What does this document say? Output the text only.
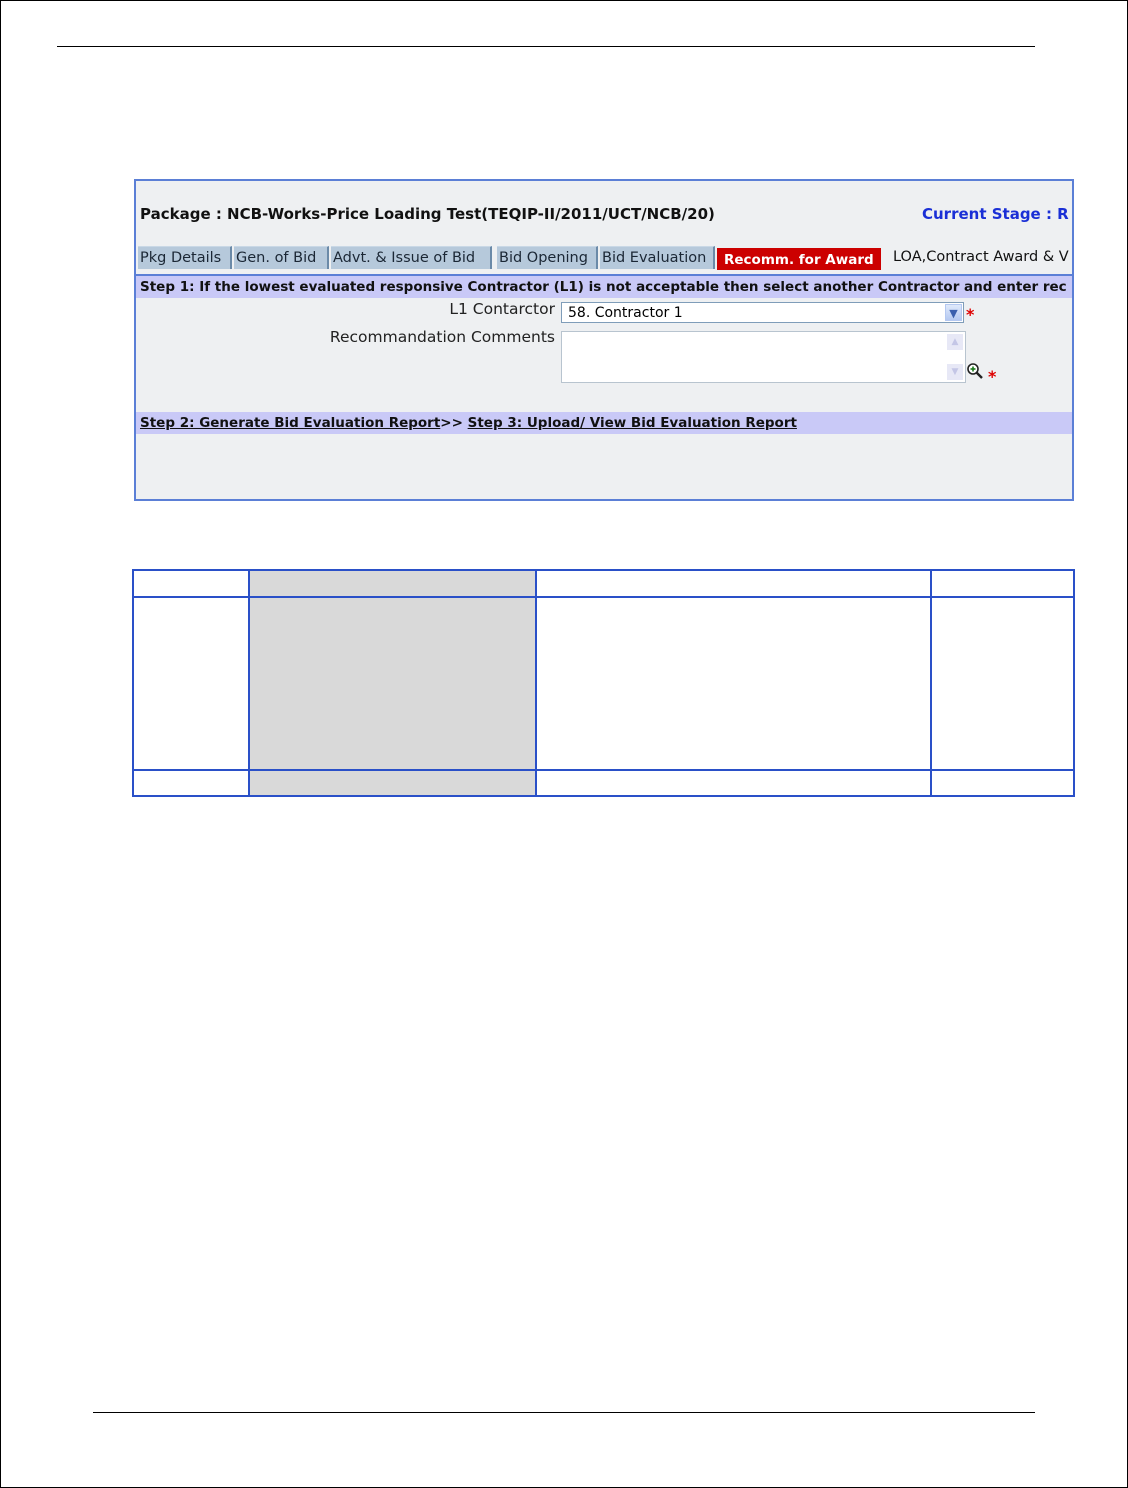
Package : NCB-Works-Price Loading Test(TEQIP-II/2011/UCT/NCB/20)	Current Stage : R
Pkg Details	Gen. of Bid	Advt. & Issue of Bid	Bid Opening Bid Evaluation	Recomm. for Award	LOA,Contract Award & V
Step 1: If the lowest evaluated responsive Contractor (L1) is not acceptable then select another Contractor and enter rec
L1 Contarctor 58. Contractor 1	▼ *
Recommandation Comments	▲
▼ *
Step 2: Generate Bid Evaluation Report>> Step 3: Upload/ View Bid Evaluation Report
